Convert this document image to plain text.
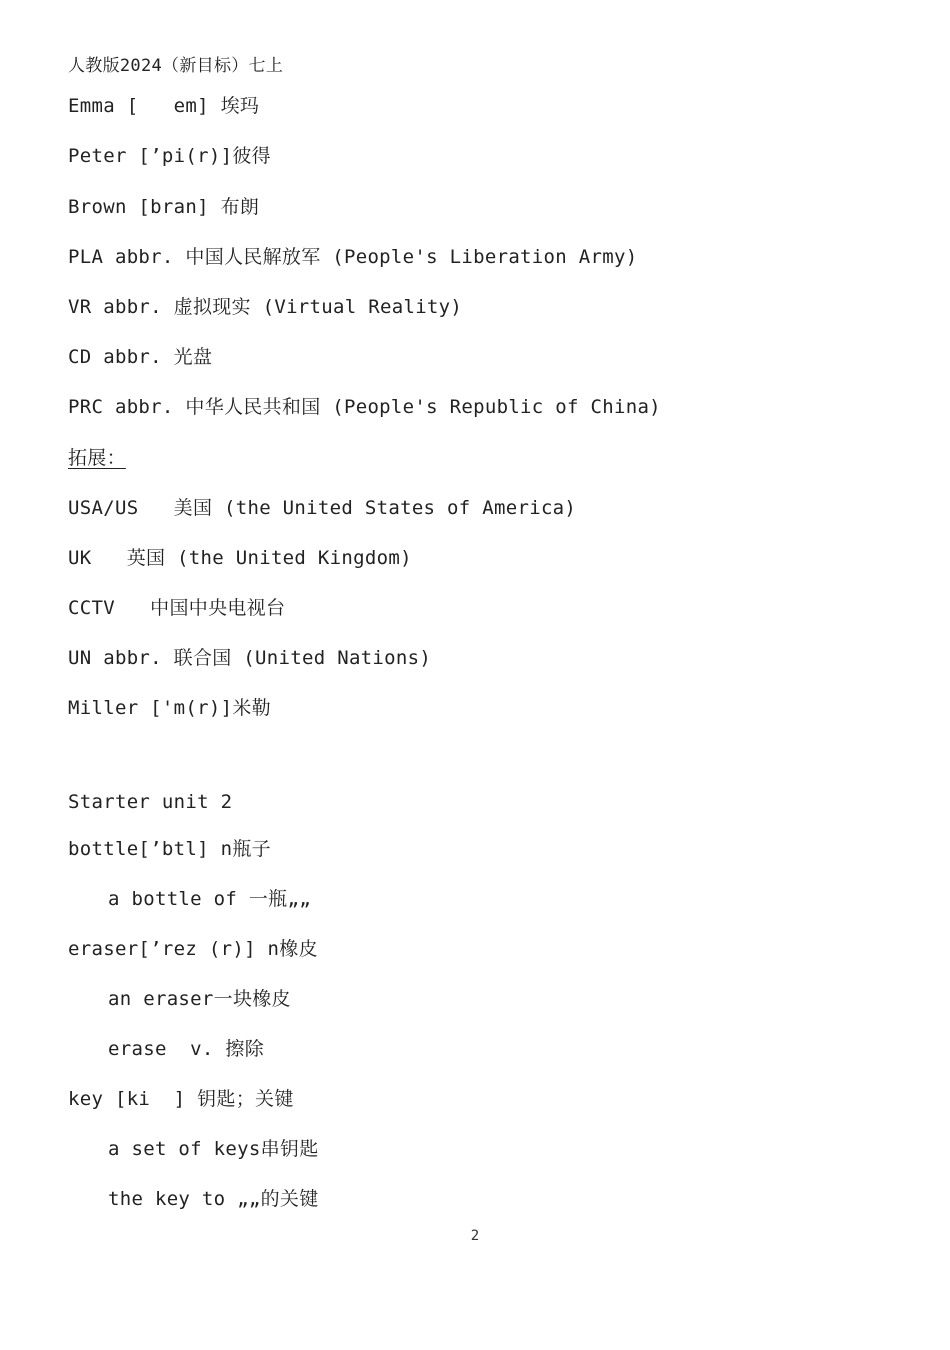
人教版2024（新目标）七上
Emma [   em] 埃玛
Peter [’pi(r)]彼得
Brown [bran] 布朗
PLA abbr. 中国人民解放军 (People's Liberation Army)
VR abbr. 虚拟现实 (Virtual Reality)
CD abbr. 光盘
PRC abbr. 中华人民共和国 (People's Republic of China)
拓展：
USA/US   美国 (the United States of America)
UK   英国 (the United Kingdom)
CCTV   中国中央电视台
UN abbr. 联合国 (United Nations)
Miller ['m(r)]米勒
Starter unit 2
bottle[’btl] n瓶子
a bottle of 一瓶„„
eraser[’rez (r)] n橡皮
an eraser一块橡皮
erase  v. 擦除
key [ki  ] 钥匙；关键
a set of keys串钥匙
the key to „„的关键
2
